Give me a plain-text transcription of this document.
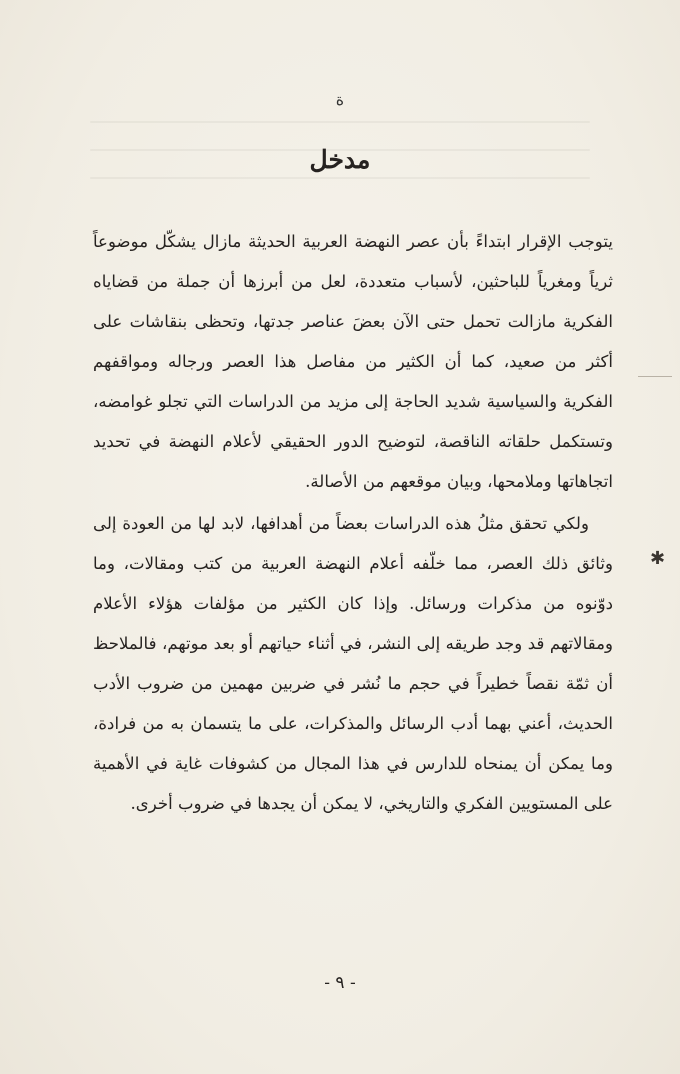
ة
مدخل

يتوجب الإقرار ابتداءً بأن عصر النهضة العربية الحديثة مازال يشكّل موضوعاً ثرياً ومغرياً للباحثين، لأسباب متعددة، لعل من أبرزها أن جملة من قضاياه الفكرية مازالت تحمل حتى الآن بعضَ عناصر جدتها، وتحظى بنقاشات على أكثر من صعيد، كما أن الكثير من مفاصل هذا العصر ورجاله ومواقفهم الفكرية والسياسية شديد الحاجة إلى مزيد من الدراسات التي تجلو غوامضه، وتستكمل حلقاته الناقصة، لتوضيح الدور الحقيقي لأعلام النهضة في تحديد اتجاهاتها وملامحها، وبيان موقعهم من الأصالة.

ولكي تحقق مثلُ هذه الدراسات بعضاً من أهدافها، لابد لها من العودة إلى وثائق ذلك العصر، مما خلّفه أعلام النهضة العربية من كتب ومقالات، وما دوّنوه من مذكرات ورسائل. وإذا كان الكثير من مؤلفات هؤلاء الأعلام ومقالاتهم قد وجد طريقه إلى النشر، في أثناء حياتهم أو بعد موتهم، فالملاحظ أن ثمّة نقصاً خطيراً في حجم ما نُشر في ضربين مهمين من ضروب الأدب الحديث، أعني بهما أدب الرسائل والمذكرات، على ما يتسمان به من فرادة، وما يمكن أن يمنحاه للدارس في هذا المجال من كشوفات غاية في الأهمية على المستويين الفكري والتاريخي، لا يمكن أن يجدها في ضروب أخرى.

✱
- ٩ -
